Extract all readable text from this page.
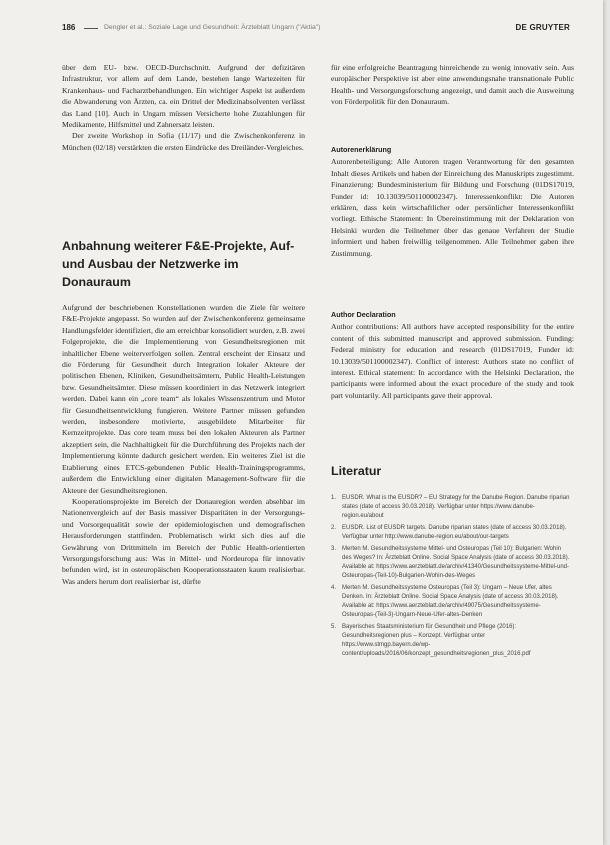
186	Dengler et al.: Soziale Lage und Gesundheit: Ärzteblatt Ungarn ("Aktia")	DE GRUYTER

über dem EU- bzw. OECD-Durchschnitt. Aufgrund der defizitären Infrastruktur, vor allem auf dem Lande, bestehen lange Wartezeiten für Krankenhaus- und Facharztbehandlungen. Ein wichtiger Aspekt ist außerdem die Abwanderung von Ärzten, ca. ein Drittel der Medizinabsolventen verlässt das Land [10]. Auch in Ungarn müssen Versicherte hohe Zuzahlungen für Medikamente, Hilfsmittel und Zahnersatz leisten.

Der zweite Workshop in Sofia (11/17) und die Zwischenkonferenz in München (02/18) verstärkten die ersten Eindrücke des Dreiländer-Vergleiches.

Anbahnung weiterer F&E-Projekte, Auf- und Ausbau der Netzwerke im Donauraum

Aufgrund der beschriebenen Konstellationen wurden die Ziele für weitere F&E-Projekte angepasst. So wurden auf der Zwischenkonferenz gemeinsame Handlungsfelder identifiziert, die am erreichbar konsolidiert wurden, z.B. zwei Folgeprojekte, die die Implementierung von Gesundheitsregionen mit inhaltlicher Ebene weiterverfolgen sollen. Zentral erscheint der Einsatz und die Förderung für Gesundheit durch Integration lokaler Akteure der politischen Ebenen, Kliniken, Gesundheitsämtern, Public Health-Leistungen bzw. Gesundheitsämter. Diese müssen koordiniert in das Netzwerk integriert werden. Dabei kann ein „core team“ als lokales Wissenszentrum und Motor für Gesundheitsentwicklung fungieren. Weitere Partner müssen gefunden werden, insbesondere motivierte, ausgebildete Mitarbeiter für Kernzeitprojekte. Das core team muss bei den lokalen Akteuren als Partner akzeptiert sein, die Nachhaltigkeit für die Durchführung des Projekts nach der Implementierung könnte dadurch gesichert werden. Ein weiteres Ziel ist die Etablierung eines ETCS-gebundenen Public Health-Trainingsprogramms, außerdem die Entwicklung einer digitalen Management-Software für die Akteure der Gesundheitsregionen.

Kooperationsprojekte im Bereich der Donauregion werden absehbar im Nationenvergleich auf der Basis massiver Disparitäten in der Versorgungs- und Vorsorgequalität sowie der epidemiologischen und demografischen Herausforderungen stattfinden. Problematisch wirkt sich dies auf die Gewährung von Drittmitteln im Bereich der Public Health-orientierten Versorgungsforschung aus: Was in Mittel- und Nordeuropa für innovativ befunden wird, ist in osteuropäischen Kooperationsstaaten kaum realisierbar. Was anders herum dort realisierbar ist, dürfte

für eine erfolgreiche Beantragung hinreichende zu wenig innovativ sein. Aus europäischer Perspektive ist aber eine anwendungsnahe transnationale Public Health- und Versorgungsforschung angezeigt, und damit auch die Ausweitung von Förderpolitik für den Donauraum.

Autorenerklärung

Autorenbeteiligung: Alle Autoren tragen Verantwortung für den gesamten Inhalt dieses Artikels und haben der Einreichung des Manuskripts zugestimmt. Finanzierung: Bundesministerium für Bildung und Forschung (01DS17019, Funder id: 10.13039/501100002347). Interessenkonflikt: Die Autoren erklären, dass kein wirtschaftlicher oder persönlicher Interessenkonflikt vorliegt. Ethische Statement: In Übereinstimmung mit der Deklaration von Helsinki wurden die Teilnehmer über das genaue Verfahren der Studie informiert und haben freiwillig teilgenommen. Alle Teilnehmer gaben ihre Zustimmung.

Author Declaration

Author contributions: All authors have accepted responsibility for the entire content of this submitted manuscript and approved submission. Funding: Federal ministry for education and research (01DS17019, Funder id: 10.13039/501100002347). Conflict of interest: Authors state no conflict of interest. Ethical statement: In accordance with the Helsinki Declaration, the participants were informed about the exact procedure of the study and took part voluntarily. All participants gave their approval.

Literatur
1. EUSDR. What is the EUSDR? – EU Strategy for the Danube Region. Danube riparian states (date of access 30.03.2018). Verfügbar unter https://www.danube-region.eu/about
2. EUSDR. List of EUSDR targets. Danube riparian states (date of access 30.03.2018). Verfügbar unter http://www.danube-region.eu/about/our-targets
3. Merten M. Gesundheitssysteme Mittel- und Osteuropas (Teil 10): Bulgarien: Wohin des Weges? In: Ärzteblatt Online. Social Space Analysis (date of access 30.03.2018). Available at: https://www.aerzteblatt.de/archiv/41340/Gesundheitssysteme-Mittel-und-Osteuropas-(Teil-10)-Bulgarien-Wohin-des-Weges
4. Merten M. Gesundheitssysteme Osteuropas (Teil 3): Ungarn – Neue Ufer, altes Denken. In: Ärzteblatt Online. Social Space Analysis (date of access 30.03.2018). Available at: https://www.aerzteblatt.de/archiv/49075/Gesundheitssysteme-Osteuropas-(Teil-3)-Ungarn-Neue-Ufer-altes-Denken
5. Bayerisches Staatsministerium für Gesundheit und Pflege (2016): Gesundheitsregionen plus – Konzept. Verfügbar unter https://www.stmgp.bayern.de/wp-content/uploads/2016/06/konzept_gesundheitsregionen_plus_2016.pdf
